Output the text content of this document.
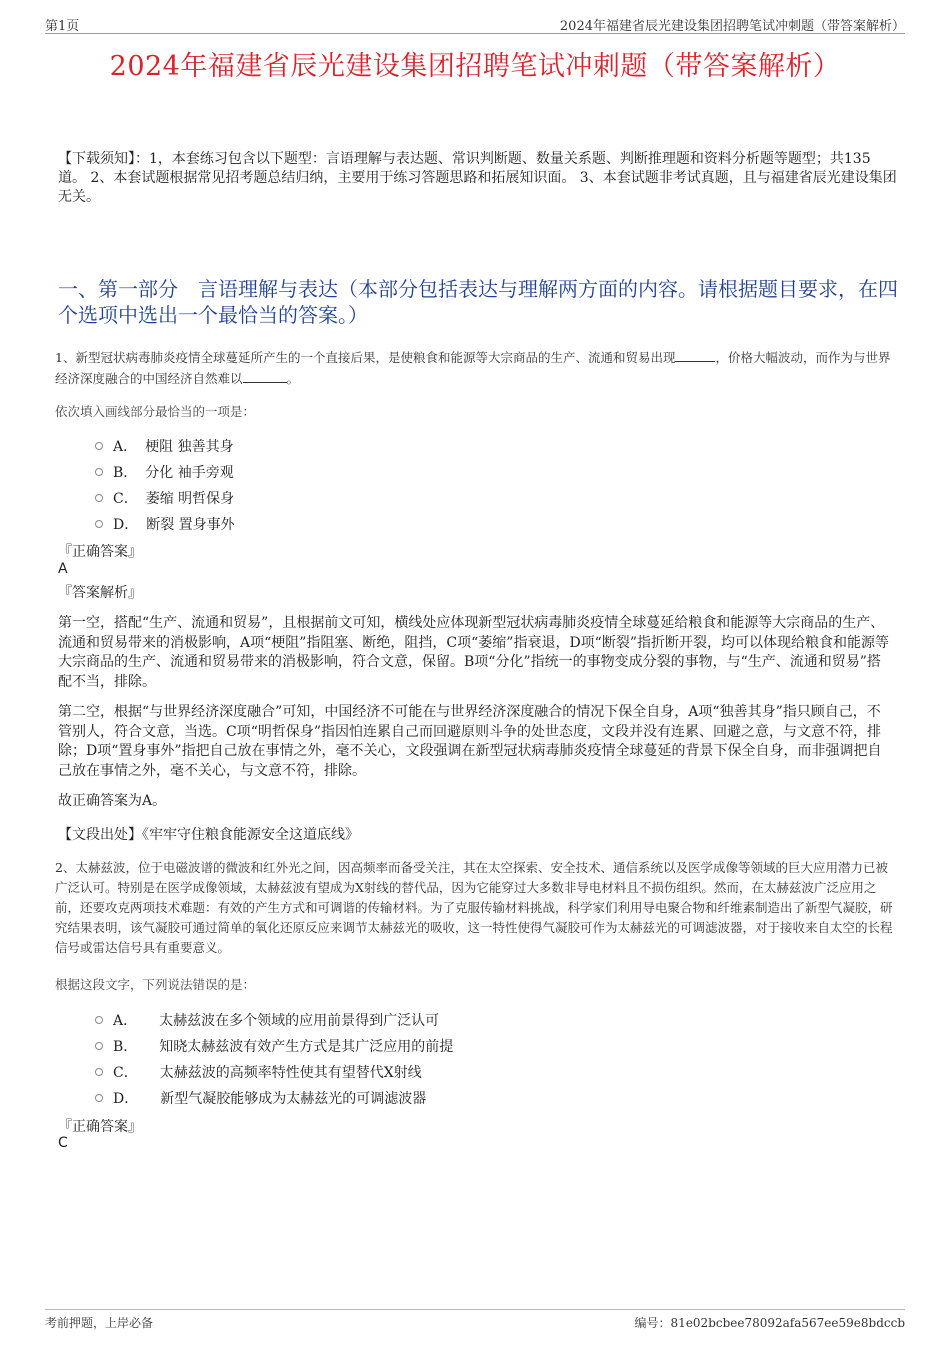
第1页	2024年福建省辰光建设集团招聘笔试冲刺题（带答案解析）
2024年福建省辰光建设集团招聘笔试冲刺题（带答案解析）
【下载须知】：1，本套练习包含以下题型：言语理解与表达题、常识判断题、数量关系题、判断推理题和资料分析题等题型；共135道。 2、本套试题根据常见招考题总结归纳，主要用于练习答题思路和拓展知识面。 3、本套试题非考试真题，且与福建省辰光建设集团无关。
一、第一部分　言语理解与表达（本部分包括表达与理解两方面的内容。请根据题目要求，在四个选项中选出一个最恰当的答案。）
1、新型冠状病毒肺炎疫情全球蔓延所产生的一个直接后果，是使粮食和能源等大宗商品的生产、流通和贸易出现	，价格大幅波动，而作为与世界经济深度融合的中国经济自然难以	。
依次填入画线部分最恰当的一项是：
A． 梗阻 独善其身
B． 分化 袖手旁观
C． 萎缩 明哲保身
D． 断裂 置身事外
『正确答案』
A
『答案解析』
第一空，搭配“生产、流通和贸易”，且根据前文可知，横线处应体现新型冠状病毒肺炎疫情全球蔓延给粮食和能源等大宗商品的生产、流通和贸易带来的消极影响，A项“梗阻”指阻塞、断绝，阻挡，C项“萎缩”指衰退，D项“断裂”指折断开裂，均可以体现给粮食和能源等大宗商品的生产、流通和贸易带来的消极影响，符合文意，保留。B项“分化”指统一的事物变成分裂的事物，与“生产、流通和贸易”搭配不当，排除。
第二空，根据“与世界经济深度融合”可知，中国经济不可能在与世界经济深度融合的情况下保全自身，A项“独善其身”指只顾自己，不管别人，符合文意，当选。C项“明哲保身”指因怕连累自己而回避原则斗争的处世态度，文段并没有连累、回避之意，与文意不符，排除；D项“置身事外”指把自己放在事情之外，毫不关心，文段强调在新型冠状病毒肺炎疫情全球蔓延的背景下保全自身，而非强调把自己放在事情之外，毫不关心，与文意不符，排除。
故正确答案为A。
【文段出处】《牢牢守住粮食能源安全这道底线》
2、太赫兹波，位于电磁波谱的微波和红外光之间，因高频率而备受关注，其在太空探索、安全技术、通信系统以及医学成像等领域的巨大应用潜力已被广泛认可。特别是在医学成像领域，太赫兹波有望成为X射线的替代品，因为它能穿过大多数非导电材料且不损伤组织。然而，在太赫兹波广泛应用之前，还要攻克两项技术难题：有效的产生方式和可调谐的传输材料。为了克服传输材料挑战，科学家们利用导电聚合物和纤维素制造出了新型气凝胶，研究结果表明，该气凝胶可通过简单的氧化还原反应来调节太赫兹光的吸收，这一特性使得气凝胶可作为太赫兹光的可调滤波器，对于接收来自太空的长程信号或雷达信号具有重要意义。
根据这段文字，下列说法错误的是：
A． 太赫兹波在多个领域的应用前景得到广泛认可
B． 知晓太赫兹波有效产生方式是其广泛应用的前提
C． 太赫兹波的高频率特性使其有望替代X射线
D． 新型气凝胶能够成为太赫兹光的可调滤波器
『正确答案』
C
考前押题，上岸必备	编号：81e02bcbee78092afa567ee59e8bdccb
